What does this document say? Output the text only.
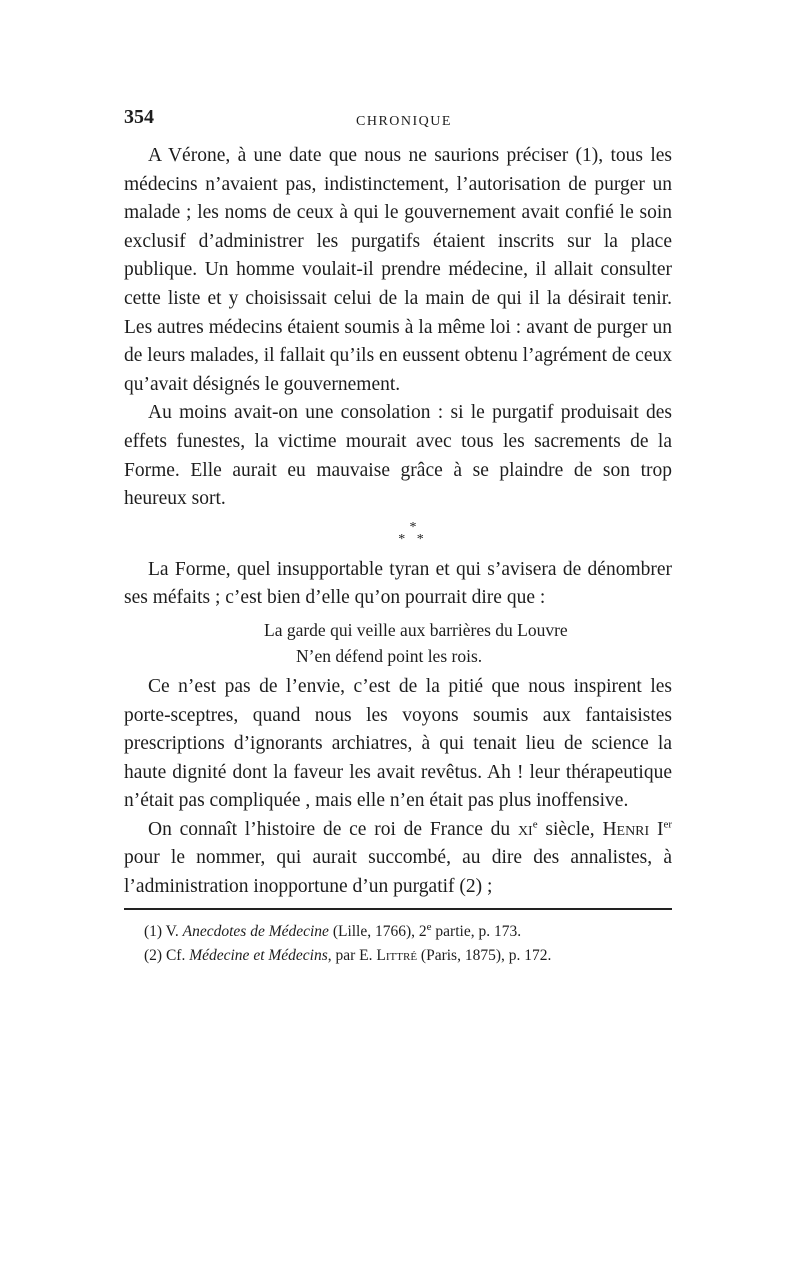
354	CHRONIQUE

A Vérone, à une date que nous ne saurions préciser (1), tous les médecins n’avaient pas, indistinctement, l’autorisation de purger un malade ; les noms de ceux à qui le gouvernement avait confié le soin exclusif d’administrer les purgatifs étaient inscrits sur la place publique. Un homme voulait-il prendre médecine, il allait consulter cette liste et y choisissait celui de la main de qui il la désirait tenir. Les autres médecins étaient soumis à la même loi : avant de purger un de leurs malades, il fallait qu’ils en eussent obtenu l’agrément de ceux qu’avait désignés le gouvernement.

Au moins avait-on une consolation : si le purgatif produisait des effets funestes, la victime mourait avec tous les sacrements de la Forme. Elle aurait eu mauvaise grâce à se plaindre de son trop heureux sort.

*
* *

La Forme, quel insupportable tyran et qui s’avisera de dénombrer ses méfaits ; c’est bien d’elle qu’on pourrait dire que :

La garde qui veille aux barrières du Louvre
N’en défend point les rois.

Ce n’est pas de l’envie, c’est de la pitié que nous inspirent les porte-sceptres, quand nous les voyons soumis aux fantaisistes prescriptions d’ignorants archiatres, à qui tenait lieu de science la haute dignité dont la faveur les avait revêtus. Ah ! leur thérapeutique n’était pas compliquée , mais elle n’en était pas plus inoffensive.

On connaît l’histoire de ce roi de France du $xi^e$ siècle, Henri Ier pour le nommer, qui aurait succombé, au dire des annalistes, à l’administration inopportune d’un purgatif (2) ;

(1) V. Anecdotes de Médecine (Lille, 1766), 2e partie, p. 173.

(2) Cf. Médecine et Médecins, par E. Littré (Paris, 1875), p. 172.
